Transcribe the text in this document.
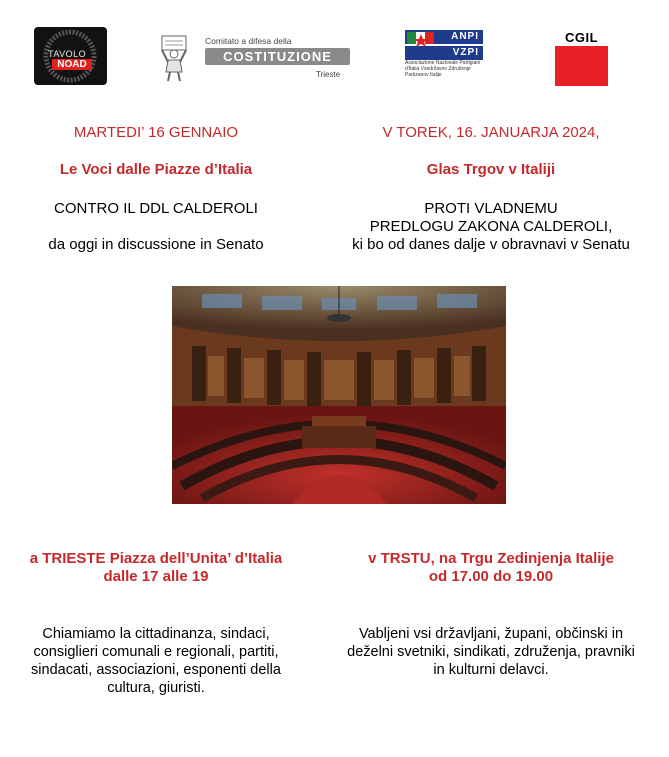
TAVOLO
NOAD
Comitato a difesa della
COSTITUZIONE
Trieste
ANPI
VZPI
Associazione Nazionale Partigiani d'Italia Vsedržavno Združenje Partizanov Italije
CGIL
MARTEDI’ 16 GENNAIO	V TOREK, 16. JANUARJA 2024,
Le Voci dalle Piazze d’Italia	Glas Trgov v Italiji
CONTRO IL DDL CALDEROLI	PROTI VLADNEMU
PREDLOGU ZAKONA CALDEROLI,
da oggi in discussione in Senato	ki bo od danes dalje v obravnavi v Senatu
a TRIESTE Piazza dell’Unita’ d’Italia	v TRSTU, na Trgu Zedinjenja Italije
dalle 17 alle 19	od 17.00 do 19.00
Chiamiamo la cittadinanza, sindaci,
consiglieri comunali e regionali, partiti,
sindacati, associazioni, esponenti della
cultura, giuristi.
Vabljeni vsi državljani, župani, občinski in
deželni svetniki, sindikati, združenja, pravniki
in kulturni delavci.
